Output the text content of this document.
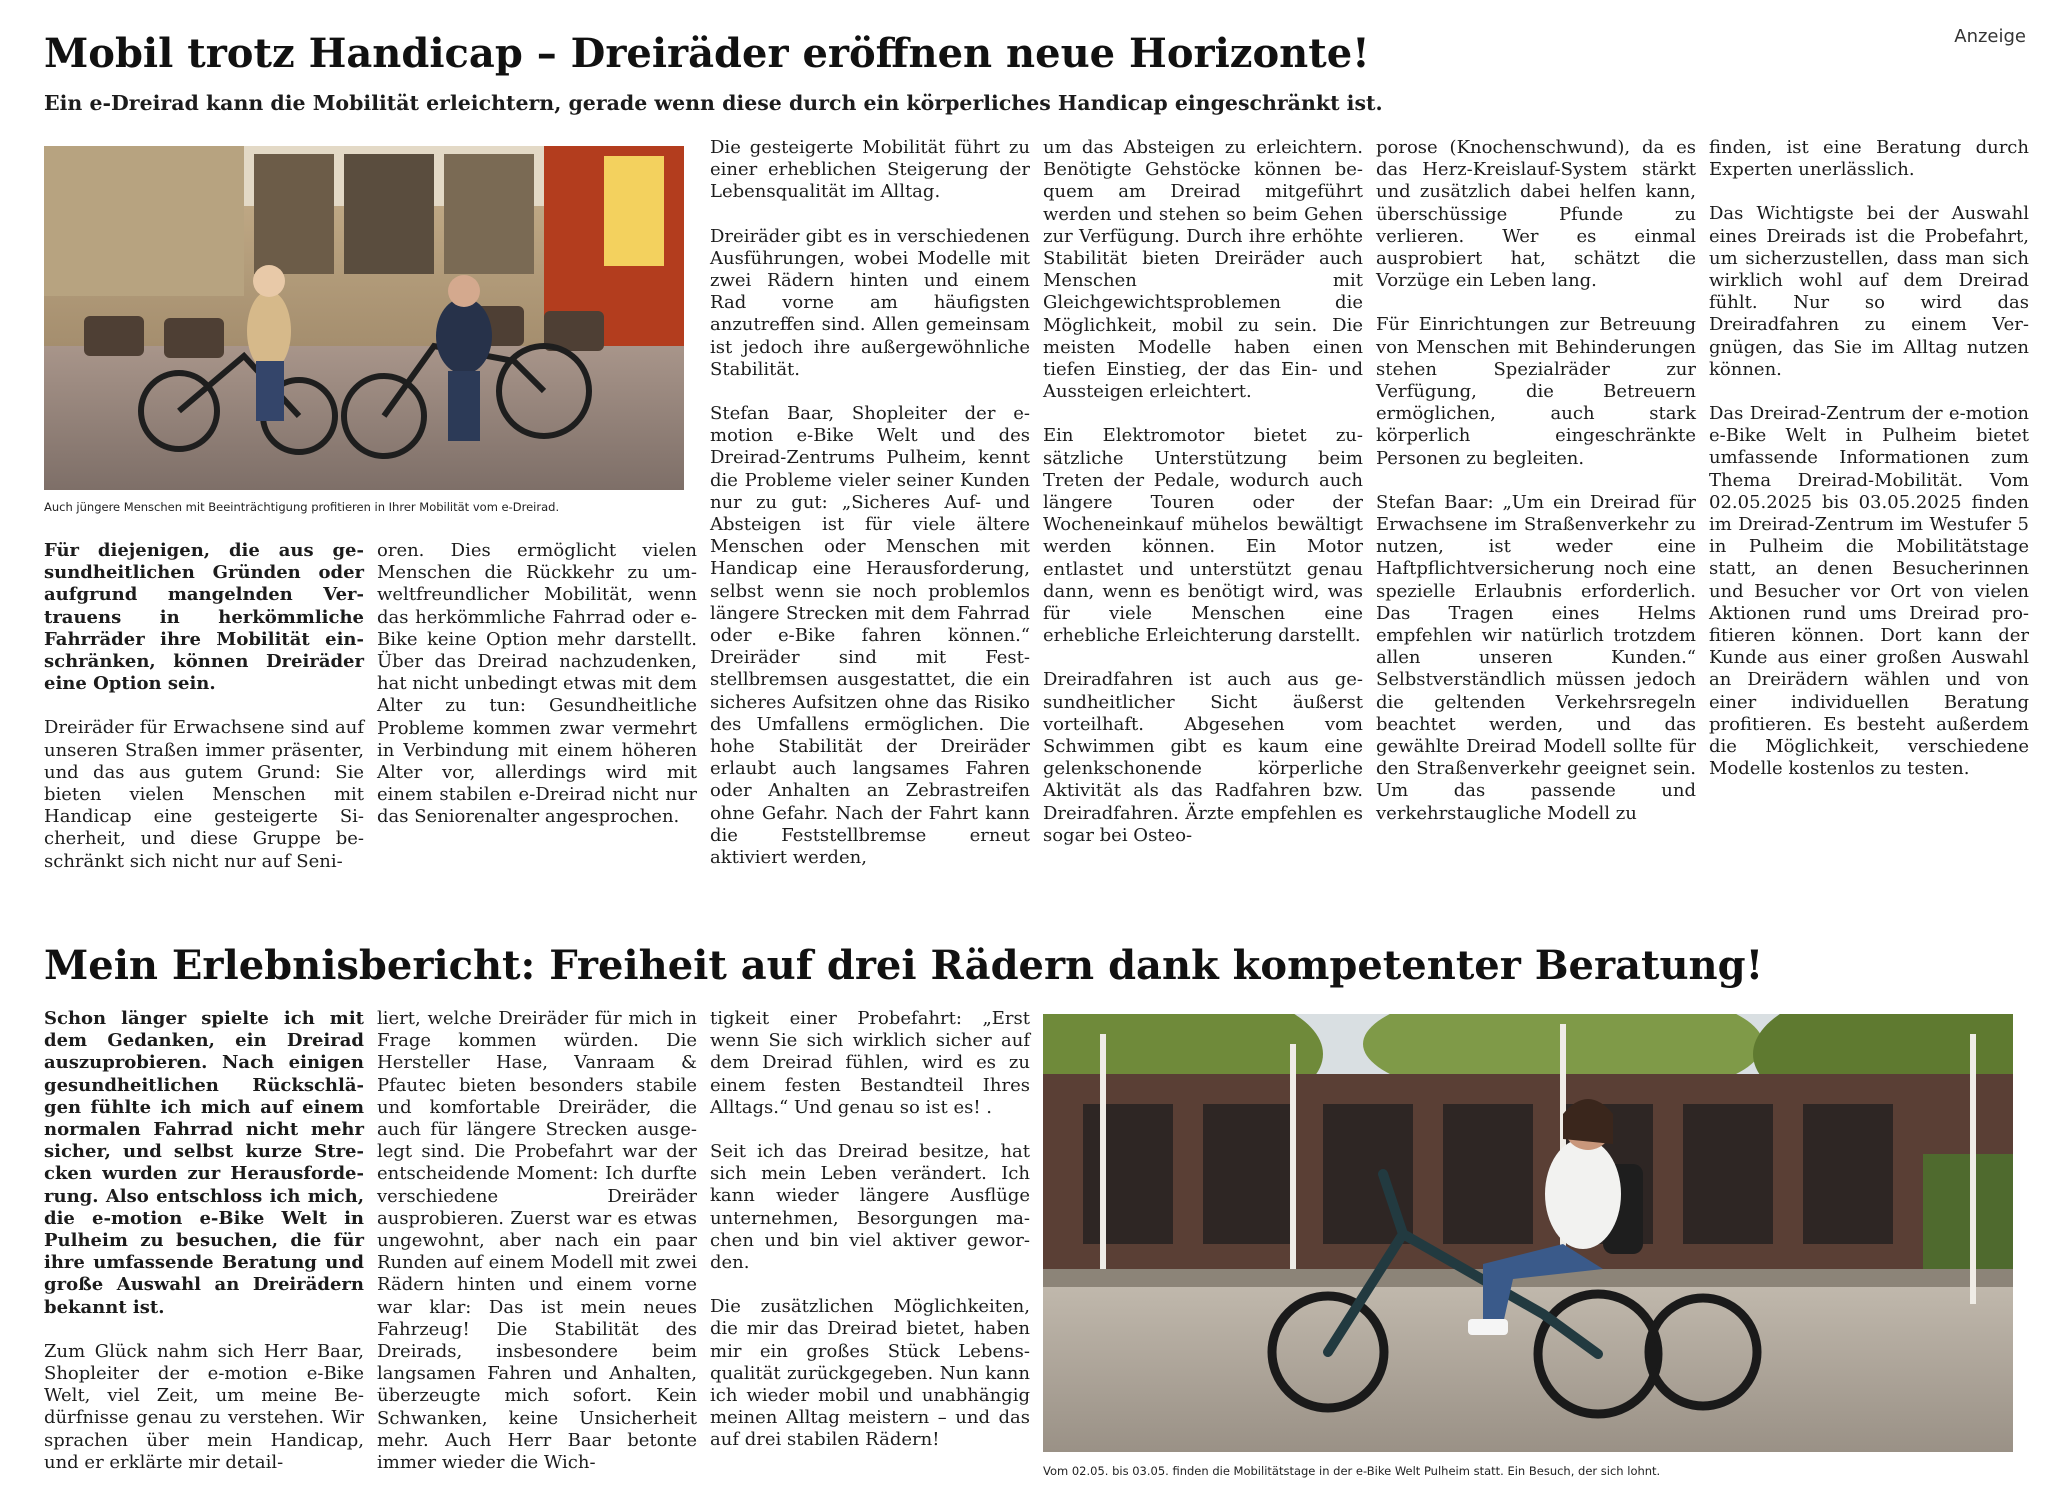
Anzeige
Mobil trotz Handicap – Dreiräder eröffnen neue Horizonte!
Ein e-Dreirad kann die Mobilität erleichtern, gerade wenn diese durch ein körperliches Handicap eingeschränkt ist.
Auch jüngere Menschen mit Beeinträchtigung profitieren in Ihrer Mobilität vom e-Dreirad.

Für diejenigen, die aus gesundheitlichen Gründen oder aufgrund mangelnden Vertrauens in herkömmliche Fahrräder ihre Mobilität einschränken, können Dreiräder eine Option sein.

Dreiräder für Erwachsene sind auf unseren Straßen immer präsenter, und das aus gutem Grund: Sie bieten vielen Menschen mit Handicap eine gesteigerte Sicherheit, und diese Gruppe beschränkt sich nicht nur auf Seni-

oren. Dies ermöglicht vielen Menschen die Rückkehr zu umweltfreundlicher Mobilität, wenn das herkömmliche Fahrrad oder e-Bike keine Option mehr darstellt. Über das Dreirad nachzudenken, hat nicht unbedingt etwas mit dem Alter zu tun: Gesundheitliche Probleme kommen zwar vermehrt in Verbindung mit einem höheren Alter vor, allerdings wird mit einem stabilen e-Dreirad nicht nur das Seniorenalter angesprochen.

Die gesteigerte Mobilität führt zu einer erheblichen Steigerung der Lebensqualität im Alltag.

Dreiräder gibt es in verschiedenen Ausführungen, wobei Modelle mit zwei Rädern hinten und einem Rad vorne am häufigsten anzutreffen sind. Allen gemeinsam ist jedoch ihre außergewöhnliche Stabilität.

Stefan Baar, Shopleiter der e-motion e-Bike Welt und des Dreirad-Zentrums Pulheim, kennt die Probleme vieler seiner Kunden nur zu gut: „Sicheres Auf- und Absteigen ist für viele ältere Menschen oder Menschen mit Handicap eine Herausforderung, selbst wenn sie noch problemlos längere Strecken mit dem Fahrrad oder e-Bike fahren können.“ Dreiräder sind mit Feststellbremsen ausgestattet, die ein sicheres Aufsitzen ohne das Risiko des Umfallens ermöglichen. Die hohe Stabilität der Dreiräder erlaubt auch langsames Fahren oder Anhalten an Zebrastreifen ohne Gefahr. Nach der Fahrt kann die Feststellbremse erneut aktiviert werden,

um das Absteigen zu erleichtern. Benötigte Gehstöcke können bequem am Dreirad mitgeführt werden und stehen so beim Gehen zur Verfügung. Durch ihre erhöhte Stabilität bieten Dreiräder auch Menschen mit Gleichgewichtsproblemen die Möglichkeit, mobil zu sein. Die meisten Modelle haben einen tiefen Einstieg, der das Ein- und Aussteigen erleichtert.

Ein Elektromotor bietet zusätzliche Unterstützung beim Treten der Pedale, wodurch auch längere Touren oder der Wocheneinkauf mühelos bewältigt werden können. Ein Motor entlastet und unterstützt genau dann, wenn es benötigt wird, was für viele Menschen eine erhebliche Erleichterung darstellt.

Dreiradfahren ist auch aus gesundheitlicher Sicht äußerst vorteilhaft. Abgesehen vom Schwimmen gibt es kaum eine gelenkschonende körperliche Aktivität als das Radfahren bzw. Dreiradfahren. Ärzte empfehlen es sogar bei Osteo-

porose (Knochenschwund), da es das Herz-Kreislauf-System stärkt und zusätzlich dabei helfen kann, überschüssige Pfunde zu verlieren. Wer es einmal ausprobiert hat, schätzt die Vorzüge ein Leben lang.

Für Einrichtungen zur Betreuung von Menschen mit Behinderungen stehen Spezialräder zur Verfügung, die Betreuern ermöglichen, auch stark körperlich eingeschränkte Personen zu begleiten.

Stefan Baar: „Um ein Dreirad für Erwachsene im Straßenverkehr zu nutzen, ist weder eine Haftpflichtversicherung noch eine spezielle Erlaubnis erforderlich. Das Tragen eines Helms empfehlen wir natürlich trotzdem allen unseren Kunden.“ Selbstverständlich müssen jedoch die geltenden Verkehrsregeln beachtet werden, und das gewählte Dreirad Modell sollte für den Straßenverkehr geeignet sein. Um das passende und verkehrstaugliche Modell zu

finden, ist eine Beratung durch Experten unerlässlich.

Das Wichtigste bei der Auswahl eines Dreirads ist die Probefahrt, um sicherzustellen, dass man sich wirklich wohl auf dem Dreirad fühlt. Nur so wird das Dreiradfahren zu einem Vergnügen, das Sie im Alltag nutzen können.

Das Dreirad-Zentrum der e-motion e-Bike Welt in Pulheim bietet umfassende Informationen zum Thema Dreirad-Mobilität. Vom 02.05.2025 bis 03.05.2025 finden im Dreirad-Zentrum im Westufer 5 in Pulheim die Mobilitätstage statt, an denen Besucherinnen und Besucher vor Ort von vielen Aktionen rund ums Dreirad profitieren können. Dort kann der Kunde aus einer großen Auswahl an Dreirädern wählen und von einer individuellen Beratung profitieren. Es besteht außerdem die Möglichkeit, verschiedene Modelle kostenlos zu testen.

Mein Erlebnisbericht: Freiheit auf drei Rädern dank kompetenter Beratung!

Schon länger spielte ich mit dem Gedanken, ein Dreirad auszuprobieren. Nach einigen gesundheitlichen Rückschlägen fühlte ich mich auf einem normalen Fahrrad nicht mehr sicher, und selbst kurze Strecken wurden zur Herausforderung. Also entschloss ich mich, die e-motion e-Bike Welt in Pulheim zu besuchen, die für ihre umfassende Beratung und große Auswahl an Dreirädern bekannt ist.

Zum Glück nahm sich Herr Baar, Shopleiter der e-motion e-Bike Welt, viel Zeit, um meine Bedürfnisse genau zu verstehen. Wir sprachen über mein Handicap, und er erklärte mir detail-

liert, welche Dreiräder für mich in Frage kommen würden. Die Hersteller Hase, Vanraam & Pfautec bieten besonders stabile und komfortable Dreiräder, die auch für längere Strecken ausgelegt sind. Die Probefahrt war der entscheidende Moment: Ich durfte verschiedene Dreiräder ausprobieren. Zuerst war es etwas ungewohnt, aber nach ein paar Runden auf einem Modell mit zwei Rädern hinten und einem vorne war klar: Das ist mein neues Fahrzeug! Die Stabilität des Dreirads, insbesondere beim langsamen Fahren und Anhalten, überzeugte mich sofort. Kein Schwanken, keine Unsicherheit mehr. Auch Herr Baar betonte immer wieder die Wich-

tigkeit einer Probefahrt: „Erst wenn Sie sich wirklich sicher auf dem Dreirad fühlen, wird es zu einem festen Bestandteil Ihres Alltags.“ Und genau so ist es! .

Seit ich das Dreirad besitze, hat sich mein Leben verändert. Ich kann wieder längere Ausflüge unternehmen, Besorgungen machen und bin viel aktiver geworden.

Die zusätzlichen Möglichkeiten, die mir das Dreirad bietet, haben mir ein großes Stück Lebensqualität zurückgegeben. Nun kann ich wieder mobil und unabhängig meinen Alltag meistern – und das auf drei stabilen Rädern!

Vom 02.05. bis 03.05. finden die Mobilitätstage in der e-Bike Welt Pulheim statt. Ein Besuch, der sich lohnt.
